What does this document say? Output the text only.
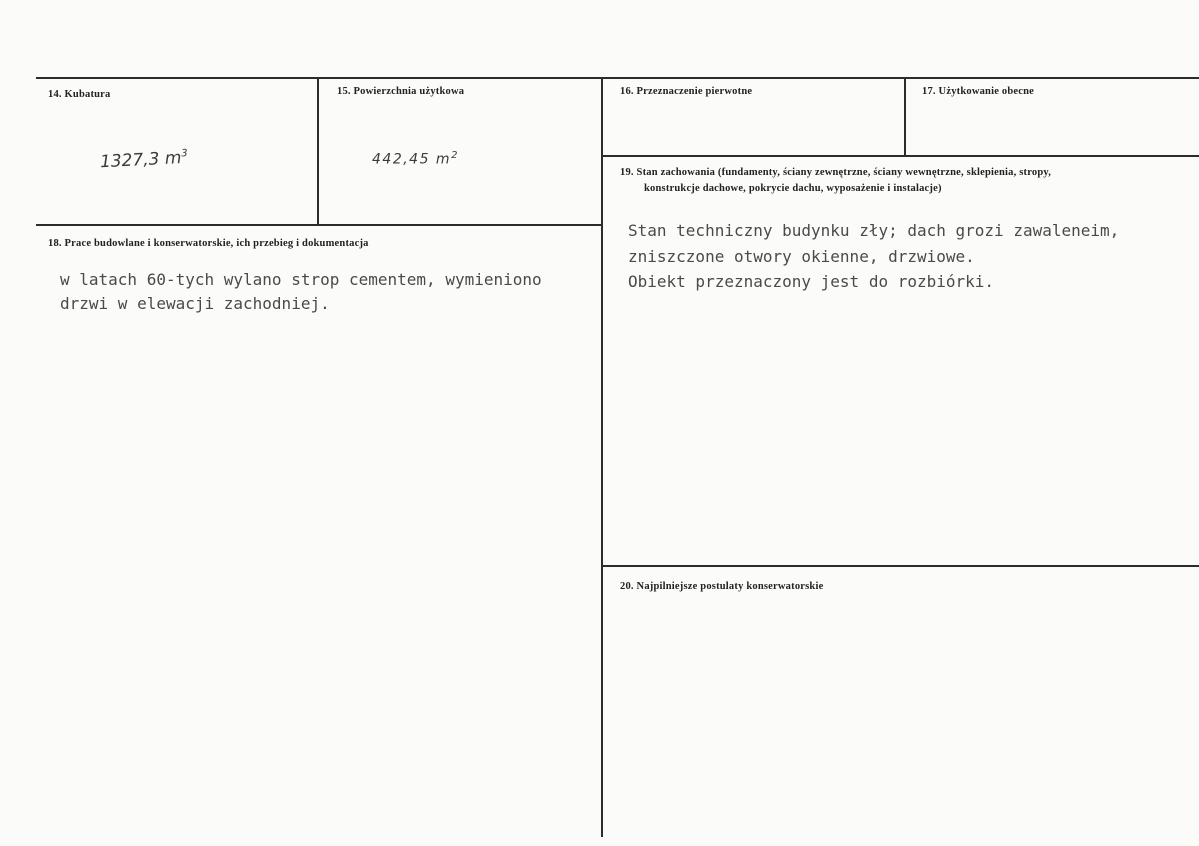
14. Kubatura
1327,3 $m^3$
15. Powierzchnia użytkowa
442,45 $m^2$
16. Przeznaczenie pierwotne	17. Użytkowanie obecne
18. Prace budowlane i konserwatorskie, ich przebieg i dokumentacja
w latach 60-tych wylano strop cementem, wymieniono
drzwi w elewacji zachodniej.
19. Stan zachowania (fundamenty, ściany zewnętrzne, ściany wewnętrzne, sklepienia, stropy,
konstrukcje dachowe, pokrycie dachu, wyposażenie i instalacje)
Stan techniczny budynku zły; dach grozi zawaleneim,
zniszczone otwory okienne, drzwiowe.
Obiekt przeznaczony jest do rozbiórki.
20. Najpilniejsze postulaty konserwatorskie
